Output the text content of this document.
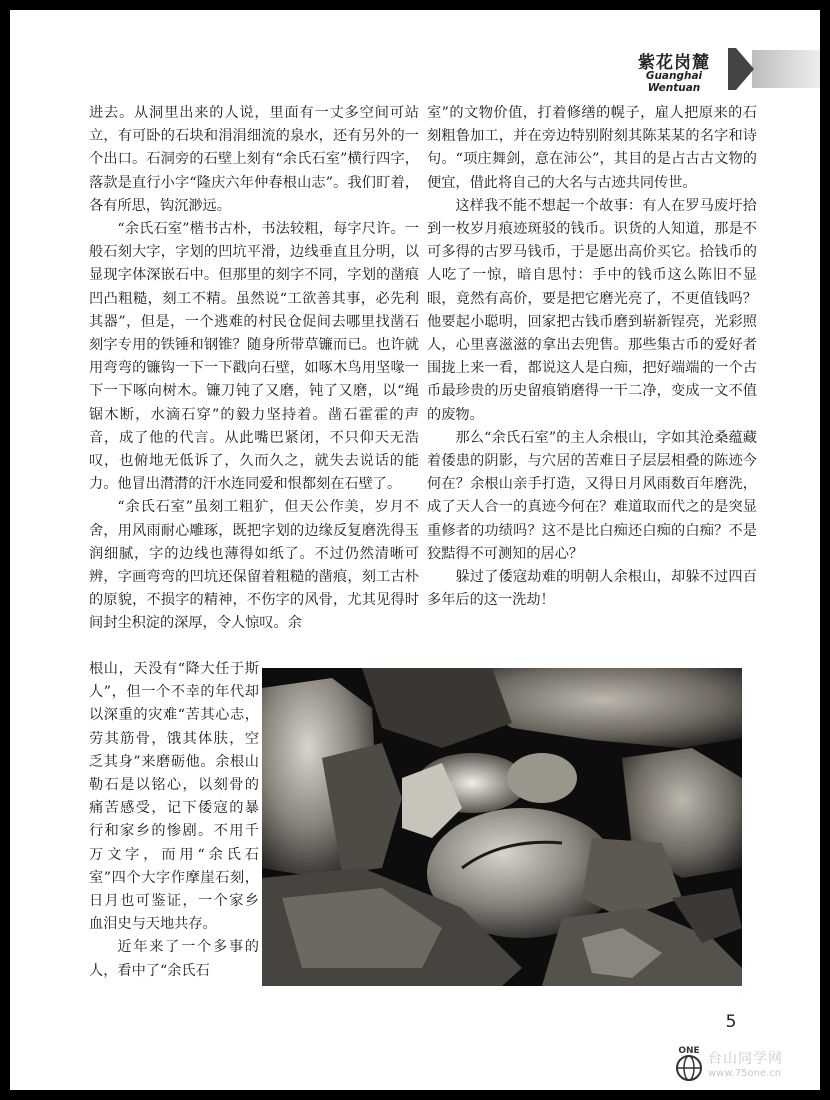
紫花岗麓
Guanghai Wentuan

进去。从洞里出来的人说，里面有一丈多空间可站立，有可卧的石块和涓涓细流的泉水，还有另外的一个出口。石洞旁的石壁上刻有“余氏石室”横行四字，落款是直行小字“隆庆六年仲春根山志”。我们盯着，各有所思，钩沉渺远。

“余氏石室”楷书古朴，书法较粗，每字尺许。一般石刻大字，字划的凹坑平滑，边线垂直且分明，以显现字体深嵌石中。但那里的刻字不同，字划的凿痕凹凸粗糙，刻工不精。虽然说“工欲善其事，必先利其器”，但是，一个逃难的村民仓促间去哪里找凿石刻字专用的铁锤和钢锥？随身所带草镰而已。也许就用弯弯的镰钩一下一下戳向石壁，如啄木鸟用坚喙一下一下啄向树木。镰刀钝了又磨，钝了又磨，以“绳锯木断，水滴石穿”的毅力坚持着。凿石霍霍的声音，成了他的代言。从此嘴巴紧闭，不只仰天无浩叹，也俯地无低诉了，久而久之，就失去说话的能力。他冒出潸潸的汗水连同爱和恨都刻在石壁了。

“余氏石室”虽刻工粗犷，但天公作美，岁月不舍，用风雨耐心雕琢，既把字划的边缘反复磨洗得玉润细腻，字的边线也薄得如纸了。不过仍然清晰可辨，字画弯弯的凹坑还保留着粗糙的凿痕，刻工古朴的原貌，不损字的精神，不伤字的风骨，尤其见得时间封尘积淀的深厚，令人惊叹。余

室”的文物价值，打着修缮的幌子，雇人把原来的石刻粗鲁加工，并在旁边特别附刻其陈某某的名字和诗句。“项庄舞剑，意在沛公”，其目的是占古古文物的便宜，借此将自己的大名与古迹共同传世。

这样我不能不想起一个故事：有人在罗马废圩拾到一枚岁月痕迹斑驳的钱币。识货的人知道，那是不可多得的古罗马钱币，于是愿出高价买它。拾钱币的人吃了一惊，暗自思忖：手中的钱币这么陈旧不显眼，竟然有高价，要是把它磨光亮了，不更值钱吗？他要起小聪明，回家把古钱币磨到崭新锃亮，光彩照人，心里喜滋滋的拿出去兜售。那些集古币的爱好者围拢上来一看，都说这人是白痴，把好端端的一个古币最珍贵的历史留痕销磨得一干二净，变成一文不值的废物。

那么“余氏石室”的主人余根山，字如其沧桑蕴藏着倭患的阴影，与穴居的苦难日子层层相叠的陈迹今何在？余根山亲手打造，又得日月风雨数百年磨洗，成了天人合一的真迹今何在？难道取而代之的是突显重修者的功绩吗？这不是比白痴还白痴的白痴？不是狡黠得不可测知的居心？

躲过了倭寇劫难的明朝人余根山，却躲不过四百多年后的这一洗劫！

根山，天没有“降大任于斯人”，但一个不幸的年代却以深重的灾难“苦其心志，劳其筋骨，饿其体肤，空乏其身”来磨砺他。余根山勒石是以铭心，以刻骨的痛苦感受，记下倭寇的暴行和家乡的惨剧。不用千万文字，而用“余氏石室”四个大字作摩崖石刻，日月也可鉴证，一个家乡血泪史与天地共存。

近年来了一个多事的人，看中了“余氏石

5
ONE 台山同学网
www.75one.cn
